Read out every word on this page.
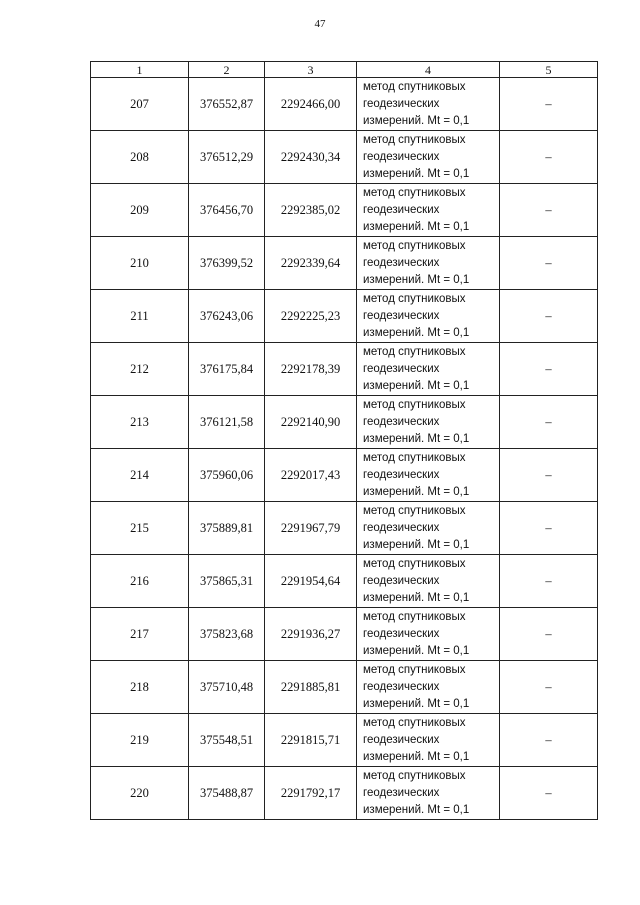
47
1	2	3	4	5
207	376552,87	2292466,00	метод спутниковых
геодезических
измерений. Mt = 0,1	–
208	376512,29	2292430,34	метод спутниковых
геодезических
измерений. Mt = 0,1	–
209	376456,70	2292385,02	метод спутниковых
геодезических
измерений. Mt = 0,1	–
210	376399,52	2292339,64	метод спутниковых
геодезических
измерений. Mt = 0,1	–
211	376243,06	2292225,23	метод спутниковых
геодезических
измерений. Mt = 0,1	–
212	376175,84	2292178,39	метод спутниковых
геодезических
измерений. Mt = 0,1	–
213	376121,58	2292140,90	метод спутниковых
геодезических
измерений. Mt = 0,1	–
214	375960,06	2292017,43	метод спутниковых
геодезических
измерений. Mt = 0,1	–
215	375889,81	2291967,79	метод спутниковых
геодезических
измерений. Mt = 0,1	–
216	375865,31	2291954,64	метод спутниковых
геодезических
измерений. Mt = 0,1	–
217	375823,68	2291936,27	метод спутниковых
геодезических
измерений. Mt = 0,1	–
218	375710,48	2291885,81	метод спутниковых
геодезических
измерений. Mt = 0,1	–
219	375548,51	2291815,71	метод спутниковых
геодезических
измерений. Mt = 0,1	–
220	375488,87	2291792,17	метод спутниковых
геодезических
измерений. Mt = 0,1	–
